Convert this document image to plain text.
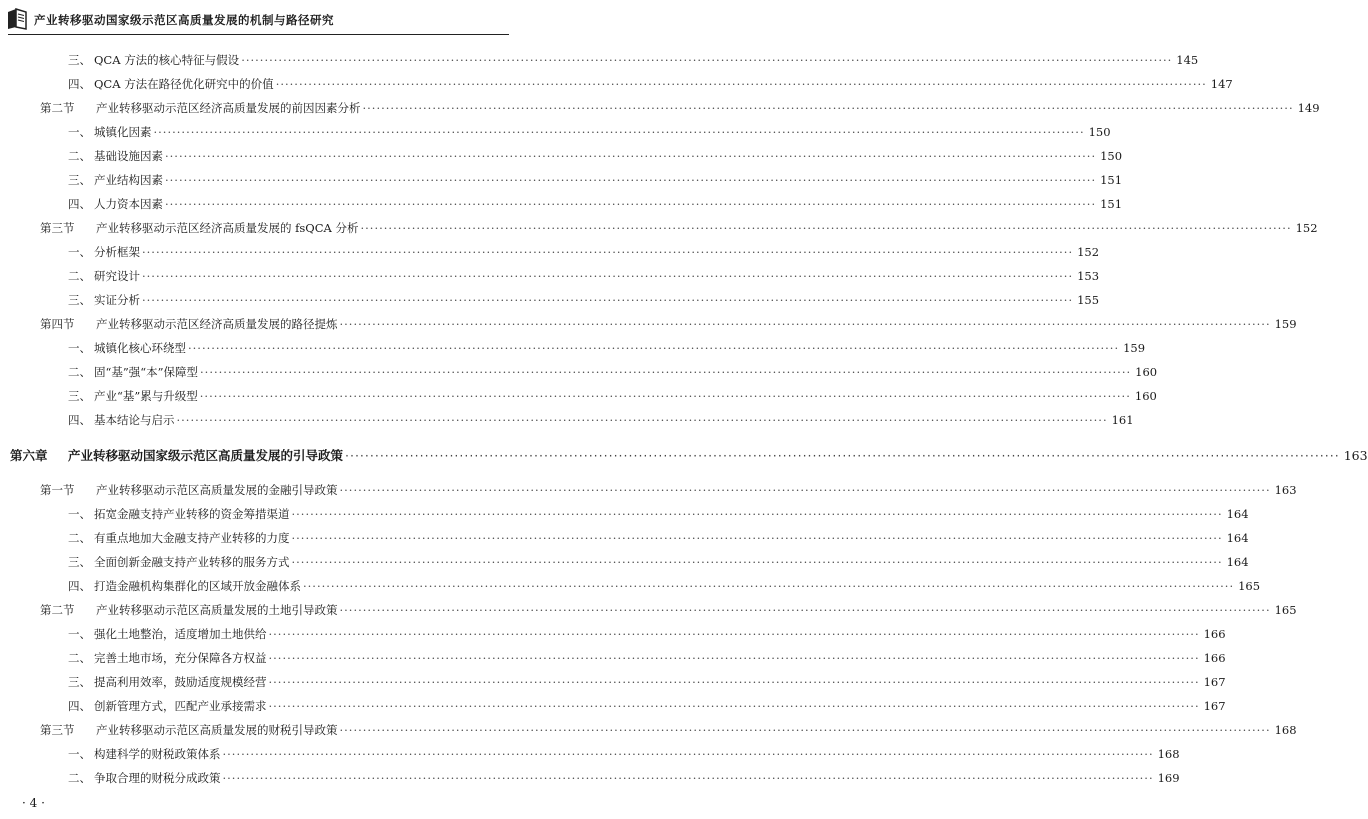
产业转移驱动国家级示范区高质量发展的机制与路径研究
三、 QCA 方法的核心特征与假设 ········································································································································································································ 145
四、 QCA 方法在路径优化研究中的价值 ········································································································································································································ 147
第二节	产业转移驱动示范区经济高质量发展的前因因素分析 ········································································································································································································ 149
一、 城镇化因素 ········································································································································································································ 150
二、 基础设施因素 ········································································································································································································ 150
三、 产业结构因素 ········································································································································································································ 151
四、 人力资本因素 ········································································································································································································ 151
第三节	产业转移驱动示范区经济高质量发展的 fsQCA 分析 ········································································································································································································ 152
一、 分析框架 ········································································································································································································ 152
二、 研究设计 ········································································································································································································ 153
三、 实证分析 ········································································································································································································ 155
第四节	产业转移驱动示范区经济高质量发展的路径提炼 ········································································································································································································ 159
一、 城镇化核心环绕型 ········································································································································································································ 159
二、 固“基”强“本”保障型 ········································································································································································································ 160
三、 产业“基”累与升级型 ········································································································································································································ 160
四、 基本结论与启示 ········································································································································································································ 161
第六章	产业转移驱动国家级示范区高质量发展的引导政策 ········································································································································································································ 163
第一节	产业转移驱动示范区高质量发展的金融引导政策 ········································································································································································································ 163
一、 拓宽金融支持产业转移的资金筹措渠道 ········································································································································································································ 164
二、 有重点地加大金融支持产业转移的力度 ········································································································································································································ 164
三、 全面创新金融支持产业转移的服务方式 ········································································································································································································ 164
四、 打造金融机构集群化的区域开放金融体系 ········································································································································································································ 165
第二节	产业转移驱动示范区高质量发展的土地引导政策 ········································································································································································································ 165
一、 强化土地整治，适度增加土地供给 ········································································································································································································ 166
二、 完善土地市场，充分保障各方权益 ········································································································································································································ 166
三、 提高利用效率，鼓励适度规模经营 ········································································································································································································ 167
四、 创新管理方式，匹配产业承接需求 ········································································································································································································ 167
第三节	产业转移驱动示范区高质量发展的财税引导政策 ········································································································································································································ 168
一、 构建科学的财税政策体系 ········································································································································································································ 168
二、 争取合理的财税分成政策 ········································································································································································································ 169
· 4 ·
